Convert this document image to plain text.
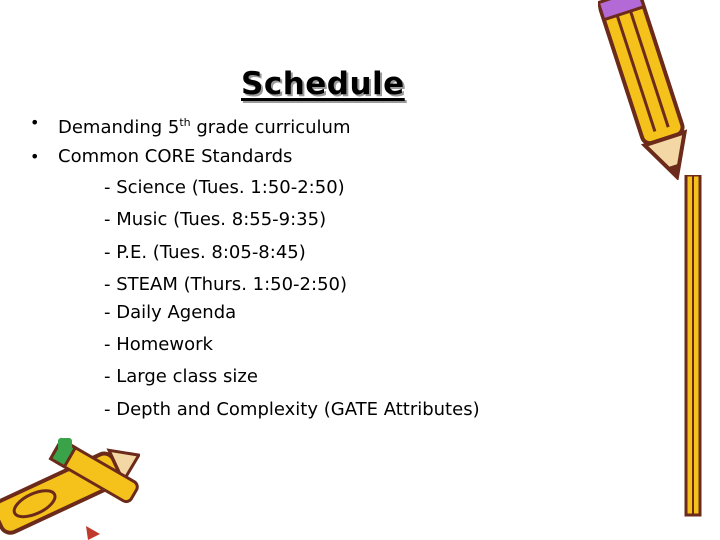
Schedule
• Demanding 5th grade curriculum
• Common CORE Standards
- Science (Tues. 1:50-2:50)
- Music (Tues. 8:55-9:35)
- P.E. (Tues. 8:05-8:45)
- STEAM (Thurs. 1:50-2:50)
- Daily Agenda
- Homework
- Large class size
- Depth and Complexity (GATE Attributes)
